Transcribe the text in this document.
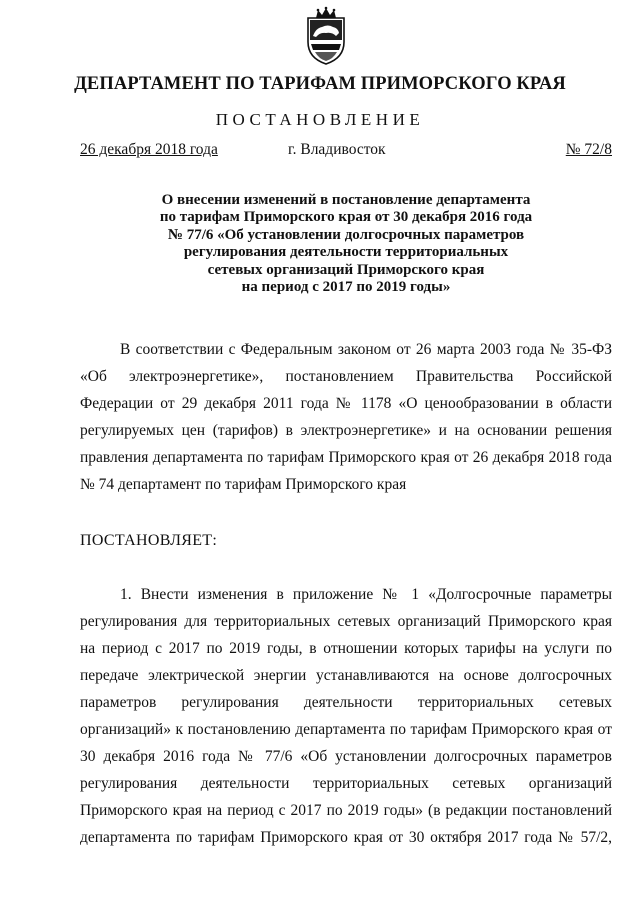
ДЕПАРТАМЕНТ ПО ТАРИФАМ ПРИМОРСКОГО КРАЯ
ПОСТАНОВЛЕНИЕ
26 декабря 2018 года	г. Владивосток	№ 72/8
О внесении изменений в постановление департамента
по тарифам Приморского края от 30 декабря 2016 года
№ 77/6 «Об установлении долгосрочных параметров
регулирования деятельности территориальных
сетевых организаций Приморского края
на период с 2017 по 2019 годы»
В соответствии с Федеральным законом от 26 марта 2003 года № 35-ФЗ
«Об электроэнергетике», постановлением Правительства Российской
Федерации от 29 декабря 2011 года № 1178 «О ценообразовании в области
регулируемых цен (тарифов) в электроэнергетике» и на основании решения
правления департамента по тарифам Приморского края от 26 декабря 2018 года
№ 74 департамент по тарифам Приморского края
ПОСТАНОВЛЯЕТ:
1. Внести изменения в приложение № 1 «Долгосрочные параметры
регулирования для территориальных сетевых организаций Приморского края
на период с 2017 по 2019 годы, в отношении которых тарифы на услуги по
передаче электрической энергии устанавливаются на основе долгосрочных
параметров регулирования деятельности территориальных сетевых
организаций» к постановлению департамента по тарифам Приморского края от
30 декабря 2016 года № 77/6 «Об установлении долгосрочных параметров
регулирования деятельности территориальных сетевых организаций
Приморского края на период с 2017 по 2019 годы» (в редакции постановлений
департамента по тарифам Приморского края от 30 октября 2017 года № 57/2,
